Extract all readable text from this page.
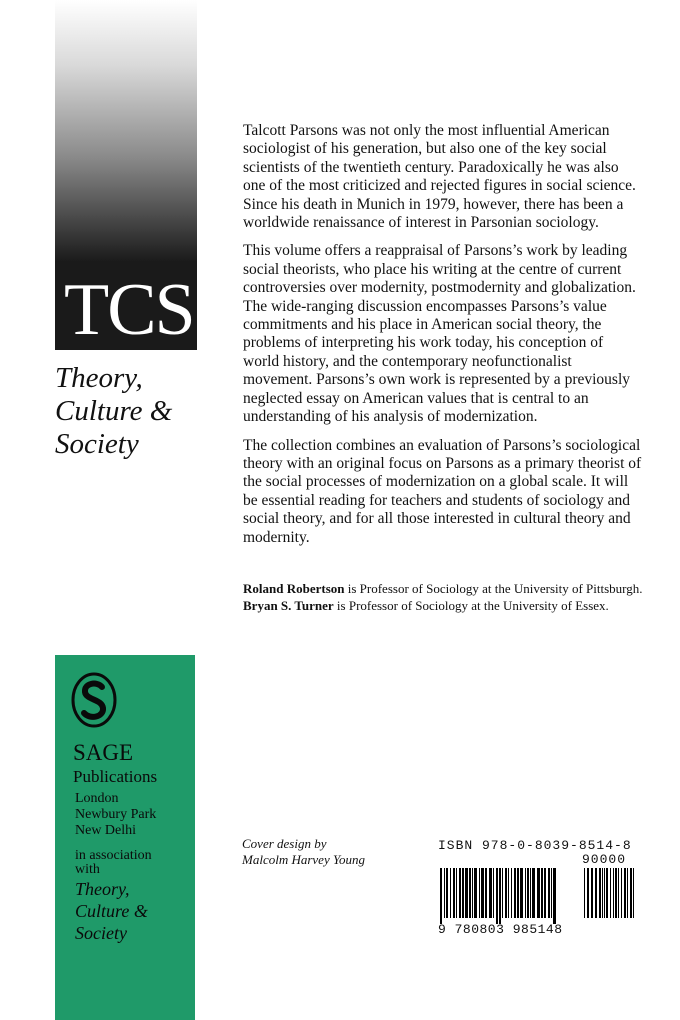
TCS
Theory,
Culture &
Society

Talcott Parsons was not only the most influential American sociologist of his generation, but also one of the key social scientists of the twentieth century. Paradoxically he was also one of the most criticized and rejected figures in social science. Since his death in Munich in 1979, however, there has been a worldwide renaissance of interest in Parsonian sociology.

This volume offers a reappraisal of Parsons’s work by leading social theorists, who place his writing at the centre of current controversies over modernity, postmodernity and globalization. The wide-ranging discussion encompasses Parsons’s value commitments and his place in American social theory, the problems of interpreting his work today, his conception of world history, and the contemporary neofunctionalist movement. Parsons’s own work is represented by a previously neglected essay on American values that is central to an understanding of his analysis of modernization.

The collection combines an evaluation of Parsons’s sociological theory with an original focus on Parsons as a primary theorist of the social processes of modernization on a global scale. It will be essential reading for teachers and students of sociology and social theory, and for all those interested in cultural theory and modernity.

Roland Robertson is Professor of Sociology at the University of Pittsburgh. Bryan S. Turner is Professor of Sociology at the University of Essex.
SAGE
Publications
London
Newbury Park
New Delhi
in association
with
Theory,
Culture &
Society
Cover design by
Malcolm Harvey Young
ISBN 978-0-8039-8514-8
90000
9 780803 985148
